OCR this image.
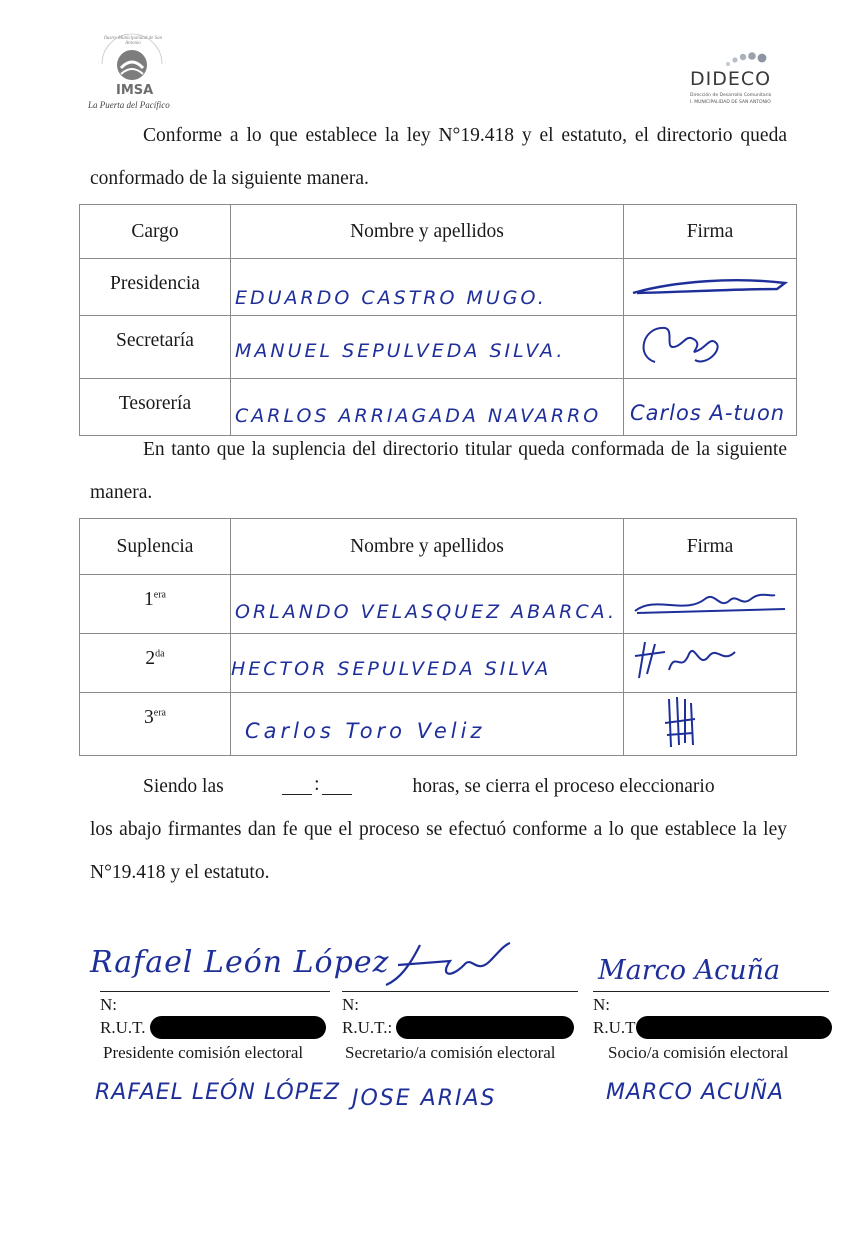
Ilustre Municipalidad de San Antonio
IMSA
La Puerta del Pacífico
DIDECO
Dirección de Desarrollo Comunitario
I. MUNICIPALIDAD DE SAN ANTONIO
Conforme a lo que establece la ley N°19.418 y el estatuto, el directorio queda conformado de la siguiente manera.
Cargo	Nombre y apellidos	Firma
Presidencia	EDUARDO CASTRO MUGO.

Secretaría	MANUEL SEPULVEDA SILVA.

Tesorería	CARLOS ARRIAGADA NAVARRO	Carlos A-tuon
En tanto que la suplencia del directorio titular queda conformada de la siguiente manera.
Suplencia	Nombre y apellidos	Firma
$1^{era}$	ORLANDO VELASQUEZ ABARCA.

$2^{da}$	HECTOR SEPULVEDA SILVA

$3^{era}$	Carlos Toro Veliz

Siendo las	:	horas, se cierra el proceso eleccionario
los abajo firmantes dan fe que el proceso se efectuó conforme a lo que establece la ley N°19.418 y el estatuto.
Rafael León López
N:
R.U.T.
Presidente comisión electoral
RAFAEL LEÓN LÓPEZ
N:
R.U.T.:
Secretario/a comisión electoral
JOSE ARIAS
Marco Acuña
N:
R.U.T
Socio/a comisión electoral
MARCO ACUÑA
